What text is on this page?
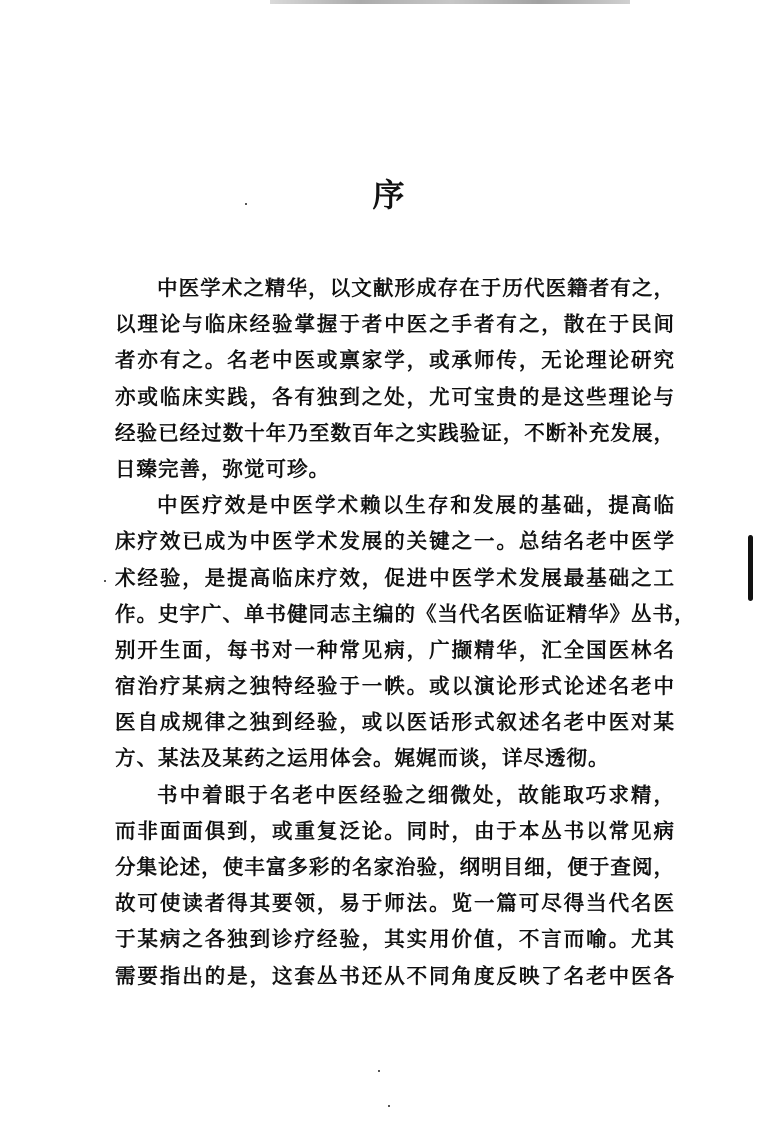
序
中医学术之精华，以文献形成存在于历代医籍者有之，
以理论与临床经验掌握于者中医之手者有之，散在于民间
者亦有之。名老中医或禀家学，或承师传，无论理论研究
亦或临床实践，各有独到之处，尤可宝贵的是这些理论与
经验已经过数十年乃至数百年之实践验证，不断补充发展，
日臻完善，弥觉可珍。
中医疗效是中医学术赖以生存和发展的基础，提高临
床疗效已成为中医学术发展的关键之一。总结名老中医学
术经验，是提高临床疗效，促进中医学术发展最基础之工
作。史宇广、单书健同志主编的《当代名医临证精华》丛书，
别开生面，每书对一种常见病，广撷精华，汇全国医林名
宿治疗某病之独特经验于一帙。或以演论形式论述名老中
医自成规律之独到经验，或以医话形式叙述名老中医对某
方、某法及某药之运用体会。娓娓而谈，详尽透彻。
书中着眼于名老中医经验之细微处，故能取巧求精，
而非面面俱到，或重复泛论。同时，由于本丛书以常见病
分集论述，使丰富多彩的名家治验，纲明目细，便于查阅，
故可使读者得其要领，易于师法。览一篇可尽得当代名医
于某病之各独到诊疗经验，其实用价值，不言而喻。尤其
需要指出的是，这套丛书还从不同角度反映了名老中医各
